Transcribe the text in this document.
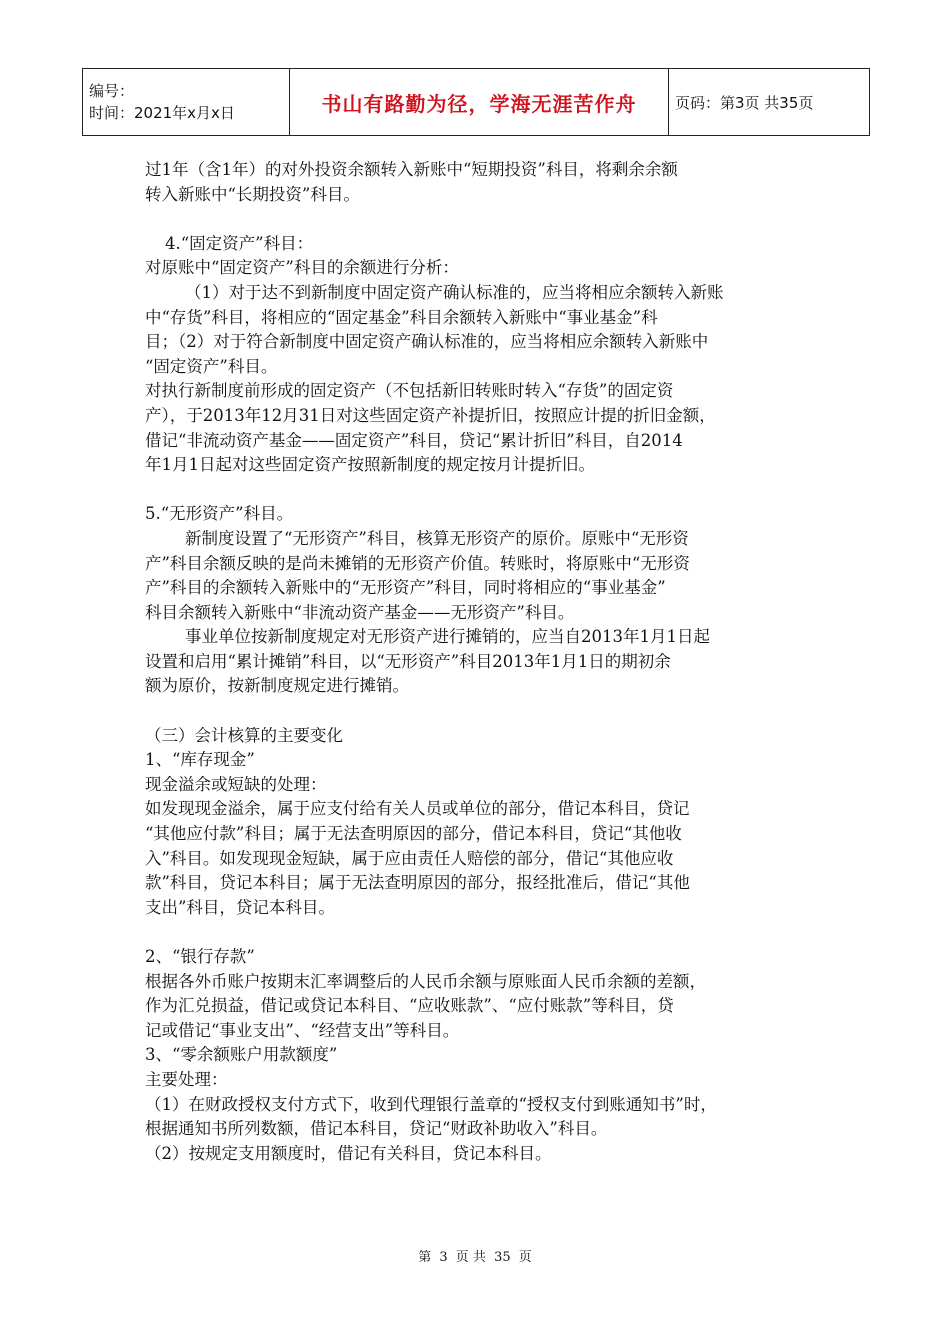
编号：
时间：2021年x月x日	书山有路勤为径，学海无涯苦作舟	页码：第3页 共35页

过1年（含1年）的对外投资余额转入新账中“短期投资”科目，将剩余余额

转入新账中“长期投资”科目。

4.“固定资产”科目：

对原账中“固定资产”科目的余额进行分析：

（1）对于达不到新制度中固定资产确认标准的，应当将相应余额转入新账

中“存货”科目，将相应的“固定基金”科目余额转入新账中“事业基金”科

目；（2）对于符合新制度中固定资产确认标准的，应当将相应余额转入新账中

“固定资产”科目。

对执行新制度前形成的固定资产（不包括新旧转账时转入“存货”的固定资

产），于2013年12月31日对这些固定资产补提折旧，按照应计提的折旧金额，

借记“非流动资产基金——固定资产”科目，贷记“累计折旧”科目，自2014

年1月1日起对这些固定资产按照新制度的规定按月计提折旧。

5.“无形资产”科目。

新制度设置了“无形资产”科目，核算无形资产的原价。原账中“无形资

产”科目余额反映的是尚未摊销的无形资产价值。转账时，将原账中“无形资

产”科目的余额转入新账中的“无形资产”科目，同时将相应的“事业基金”

科目余额转入新账中“非流动资产基金——无形资产”科目。

事业单位按新制度规定对无形资产进行摊销的，应当自2013年1月1日起

设置和启用“累计摊销”科目，以“无形资产”科目2013年1月1日的期初余

额为原价，按新制度规定进行摊销。

（三）会计核算的主要变化

1、“库存现金”

现金溢余或短缺的处理：

如发现现金溢余，属于应支付给有关人员或单位的部分，借记本科目，贷记

“其他应付款”科目；属于无法查明原因的部分，借记本科目，贷记“其他收

入”科目。如发现现金短缺，属于应由责任人赔偿的部分，借记“其他应收

款”科目，贷记本科目；属于无法查明原因的部分，报经批准后，借记“其他

支出”科目，贷记本科目。

2、“银行存款”

根据各外币账户按期末汇率调整后的人民币余额与原账面人民币余额的差额，

作为汇兑损益，借记或贷记本科目、“应收账款”、“应付账款”等科目，贷

记或借记“事业支出”、“经营支出”等科目。

3、“零余额账户用款额度”

主要处理：

（1）在财政授权支付方式下，收到代理银行盖章的“授权支付到账通知书”时，

根据通知书所列数额，借记本科目，贷记“财政补助收入”科目。

（2）按规定支用额度时，借记有关科目，贷记本科目。

第 3 页 共 35 页
